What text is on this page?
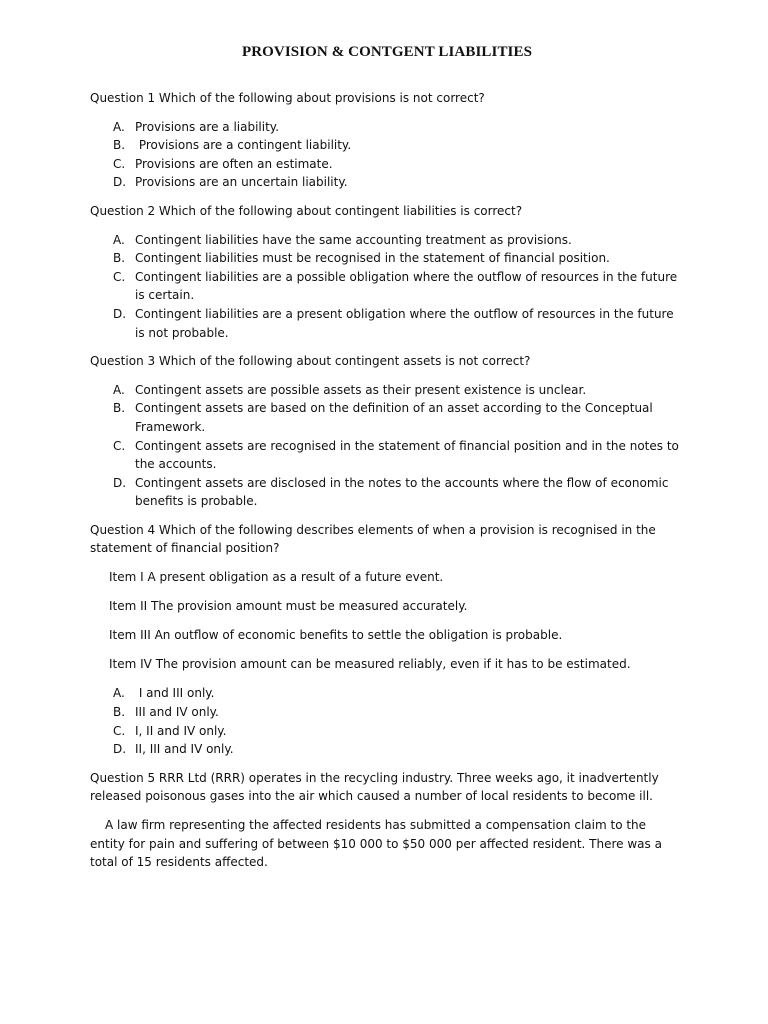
PROVISION & CONTGENT LIABILITIES

Question 1 Which of the following about provisions is not correct?

A. Provisions are a liability.
B. Provisions are a contingent liability.
C. Provisions are often an estimate.
D. Provisions are an uncertain liability.

Question 2 Which of the following about contingent liabilities is correct?

A. Contingent liabilities have the same accounting treatment as provisions.
B. Contingent liabilities must be recognised in the statement of financial position.
C. Contingent liabilities are a possible obligation where the outflow of resources in the future is certain.
D. Contingent liabilities are a present obligation where the outflow of resources in the future is not probable.

Question 3 Which of the following about contingent assets is not correct?

A. Contingent assets are possible assets as their present existence is unclear.
B. Contingent assets are based on the definition of an asset according to the Conceptual Framework.
C. Contingent assets are recognised in the statement of financial position and in the notes to the accounts.
D. Contingent assets are disclosed in the notes to the accounts where the flow of economic benefits is probable.

Question 4 Which of the following describes elements of when a provision is recognised in the statement of financial position?

Item I A present obligation as a result of a future event.

Item II The provision amount must be measured accurately.

Item III An outflow of economic benefits to settle the obligation is probable.

Item IV The provision amount can be measured reliably, even if it has to be estimated.

A. I and III only.
B. III and IV only.
C. I, II and IV only.
D. II, III and IV only.

Question 5 RRR Ltd (RRR) operates in the recycling industry. Three weeks ago, it inadvertently released poisonous gases into the air which caused a number of local residents to become ill.

A law firm representing the affected residents has submitted a compensation claim to the entity for pain and suffering of between $10 000 to $50 000 per affected resident. There was a total of 15 residents affected.
